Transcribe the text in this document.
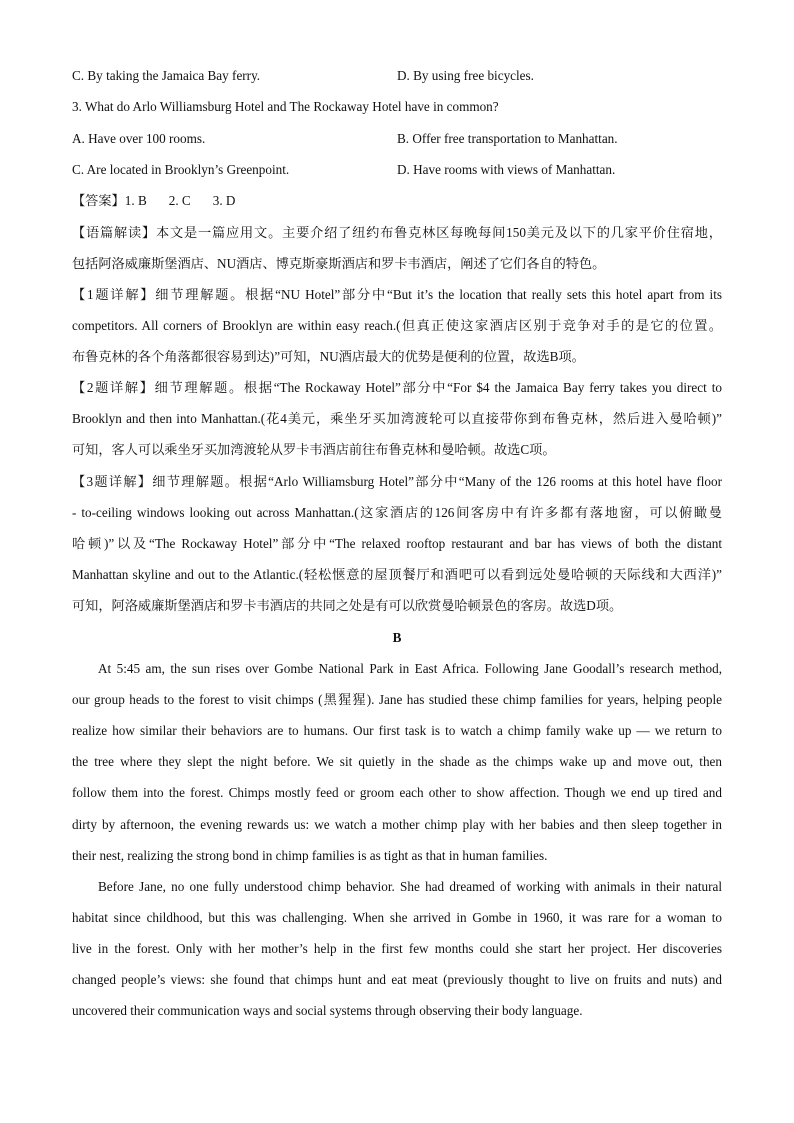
C. By taking the Jamaica Bay ferry.	D. By using free bicycles.
3. What do Arlo Williamsburg Hotel and The Rockaway Hotel have in common?
A. Have over 100 rooms.	B. Offer free transportation to Manhattan.
C. Are located in Brooklyn’s Greenpoint.	D. Have rooms with views of Manhattan.
【答案】1. B 2. C 3. D
【语篇解读】本文是一篇应用文。主要介绍了纽约布鲁克林区每晚每间150美元及以下的几家平价住宿地，
包括阿洛威廉斯堡酒店、NU酒店、博克斯豪斯酒店和罗卡韦酒店，阐述了它们各自的特色。
【1题详解】细节理解题。根据“NU Hotel”部分中“But it’s the location that really sets this hotel apart from its
competitors. All corners of Brooklyn are within easy reach.(但真正使这家酒店区别于竞争对手的是它的位置。
布鲁克林的各个角落都很容易到达)”可知，NU酒店最大的优势是便利的位置，故选B项。
【2题详解】细节理解题。根据“The Rockaway Hotel”部分中“For $4 the Jamaica Bay ferry takes you direct to
Brooklyn and then into Manhattan.(花4美元，乘坐牙买加湾渡轮可以直接带你到布鲁克林，然后进入曼哈顿)”
可知，客人可以乘坐牙买加湾渡轮从罗卡韦酒店前往布鲁克林和曼哈顿。故选C项。
【3题详解】细节理解题。根据“Arlo Williamsburg Hotel”部分中“Many of the 126 rooms at this hotel have floor
- to-ceiling windows looking out across Manhattan.(这家酒店的126间客房中有许多都有落地窗，可以俯瞰曼
哈顿)”以及“The Rockaway Hotel”部分中“The relaxed rooftop restaurant and bar has views of both the distant
Manhattan skyline and out to the Atlantic.(轻松惬意的屋顶餐厅和酒吧可以看到远处曼哈顿的天际线和大西洋)”
可知，阿洛威廉斯堡酒店和罗卡韦酒店的共同之处是有可以欣赏曼哈顿景色的客房。故选D项。
B
At 5:45 am, the sun rises over Gombe National Park in East Africa. Following Jane Goodall’s research method,
our group heads to the forest to visit chimps (黑猩猩). Jane has studied these chimp families for years, helping people
realize how similar their behaviors are to humans. Our first task is to watch a chimp family wake up — we return to
the tree where they slept the night before. We sit quietly in the shade as the chimps wake up and move out, then
follow them into the forest. Chimps mostly feed or groom each other to show affection. Though we end up tired and
dirty by afternoon, the evening rewards us: we watch a mother chimp play with her babies and then sleep together in
their nest, realizing the strong bond in chimp families is as tight as that in human families.
Before Jane, no one fully understood chimp behavior. She had dreamed of working with animals in their natural
habitat since childhood, but this was challenging. When she arrived in Gombe in 1960, it was rare for a woman to
live in the forest. Only with her mother’s help in the first few months could she start her project. Her discoveries
changed people’s views: she found that chimps hunt and eat meat (previously thought to live on fruits and nuts) and
uncovered their communication ways and social systems through observing their body language.
